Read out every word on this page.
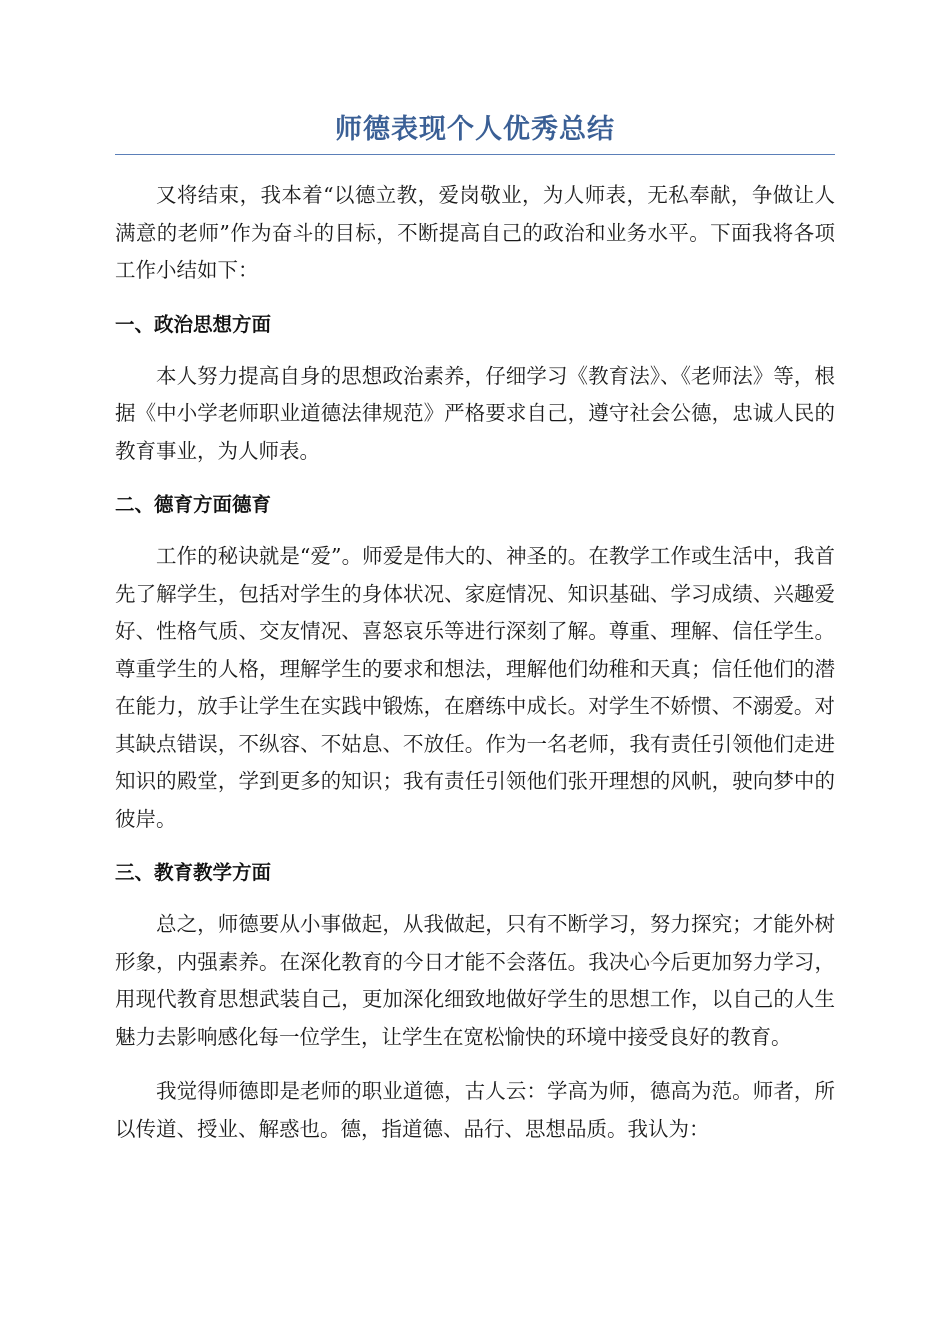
师德表现个人优秀总结

又将结束，我本着“以德立教，爱岗敬业，为人师表，无私奉献，争做让人满意的老师”作为奋斗的目标，不断提高自己的政治和业务水平。下面我将各项工作小结如下：

一、政治思想方面

本人努力提高自身的思想政治素养，仔细学习《教育法》、《老师法》等，根据《中小学老师职业道德法律规范》严格要求自己，遵守社会公德，忠诚人民的教育事业，为人师表。

二、德育方面德育

工作的秘诀就是“爱”。师爱是伟大的、神圣的。在教学工作或生活中，我首先了解学生，包括对学生的身体状况、家庭情况、知识基础、学习成绩、兴趣爱好、性格气质、交友情况、喜怒哀乐等进行深刻了解。尊重、理解、信任学生。尊重学生的人格，理解学生的要求和想法，理解他们幼稚和天真；信任他们的潜在能力，放手让学生在实践中锻炼，在磨练中成长。对学生不娇惯、不溺爱。对其缺点错误，不纵容、不姑息、不放任。作为一名老师，我有责任引领他们走进知识的殿堂，学到更多的知识；我有责任引领他们张开理想的风帆，驶向梦中的彼岸。

三、教育教学方面

总之，师德要从小事做起，从我做起，只有不断学习，努力探究；才能外树形象，内强素养。在深化教育的今日才能不会落伍。我决心今后更加努力学习，用现代教育思想武装自己，更加深化细致地做好学生的思想工作，以自己的人生魅力去影响感化每一位学生，让学生在宽松愉快的环境中接受良好的教育。

我觉得师德即是老师的职业道德，古人云：学高为师，德高为范。师者，所以传道、授业、解惑也。德，指道德、品行、思想品质。我认为：
